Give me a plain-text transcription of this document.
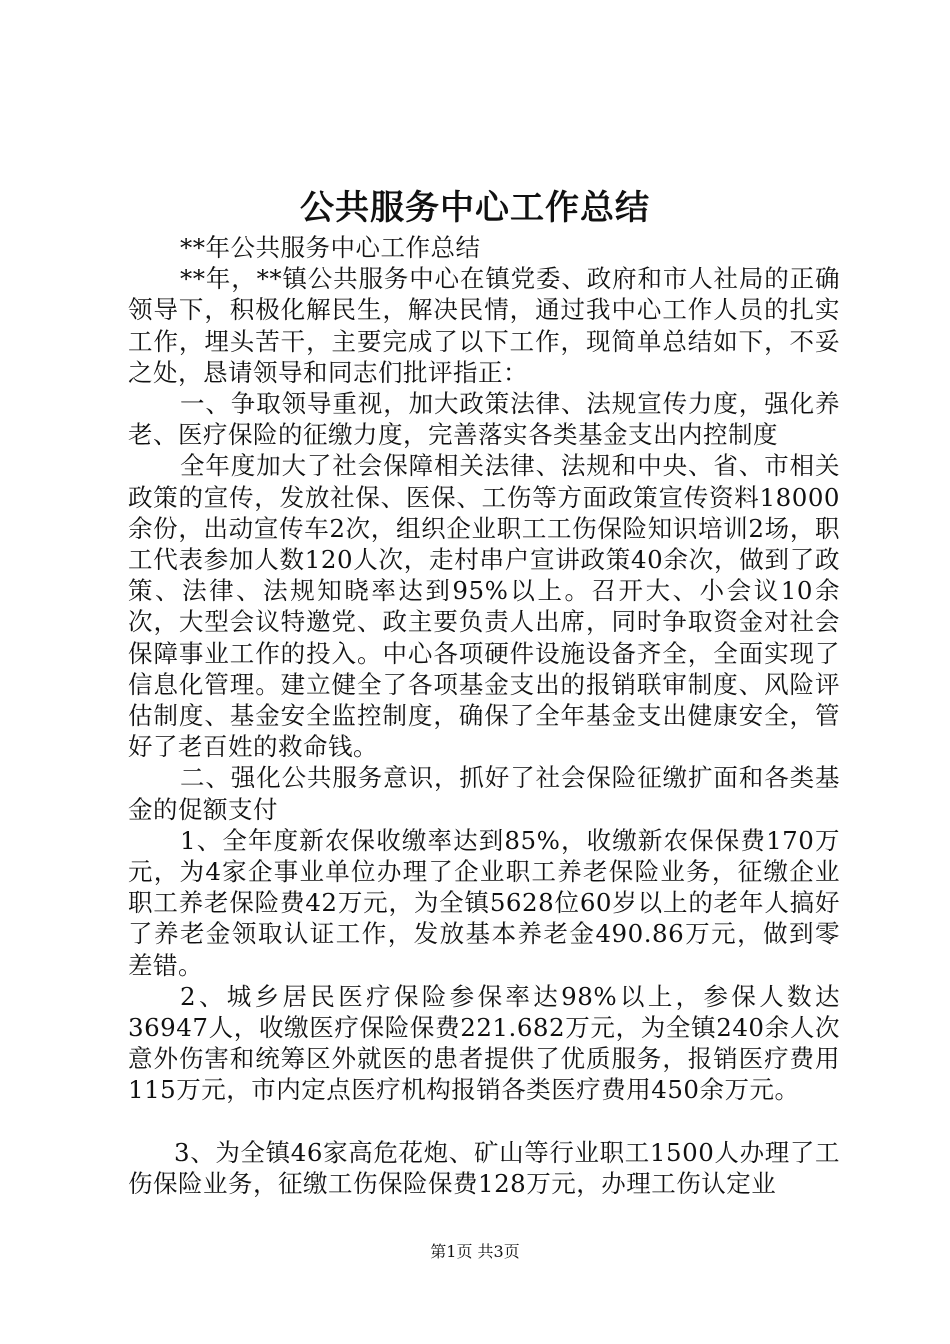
公共服务中心工作总结

**年公共服务中心工作总结

**年，**镇公共服务中心在镇党委、政府和市人社局的正确领导下，积极化解民生，解决民情，通过我中心工作人员的扎实工作，埋头苦干，主要完成了以下工作，现简单总结如下，不妥之处，恳请领导和同志们批评指正：

一、争取领导重视，加大政策法律、法规宣传力度，强化养老、医疗保险的征缴力度，完善落实各类基金支出内控制度

全年度加大了社会保障相关法律、法规和中央、省、市相关政策的宣传，发放社保、医保、工伤等方面政策宣传资料18000余份，出动宣传车2次，组织企业职工工伤保险知识培训2场，职工代表参加人数120人次，走村串户宣讲政策40余次，做到了政策、法律、法规知晓率达到95%以上。召开大、小会议10余次，大型会议特邀党、政主要负责人出席，同时争取资金对社会保障事业工作的投入。中心各项硬件设施设备齐全，全面实现了信息化管理。建立健全了各项基金支出的报销联审制度、风险评估制度、基金安全监控制度，确保了全年基金支出健康安全，管好了老百姓的救命钱。

二、强化公共服务意识，抓好了社会保险征缴扩面和各类基金的促额支付

1、全年度新农保收缴率达到85%，收缴新农保保费170万元，为4家企事业单位办理了企业职工养老保险业务，征缴企业职工养老保险费42万元，为全镇5628位60岁以上的老年人搞好了养老金领取认证工作，发放基本养老金490.86万元，做到零差错。

2、城乡居民医疗保险参保率达98%以上，参保人数达36947人，收缴医疗保险保费221.682万元，为全镇240余人次意外伤害和统筹区外就医的患者提供了优质服务，报销医疗费用115万元，市内定点医疗机构报销各类医疗费用450余万元。

3、为全镇46家高危花炮、矿山等行业职工1500人办理了工伤保险业务，征缴工伤保险保费128万元，办理工伤认定业

第1页 共3页
